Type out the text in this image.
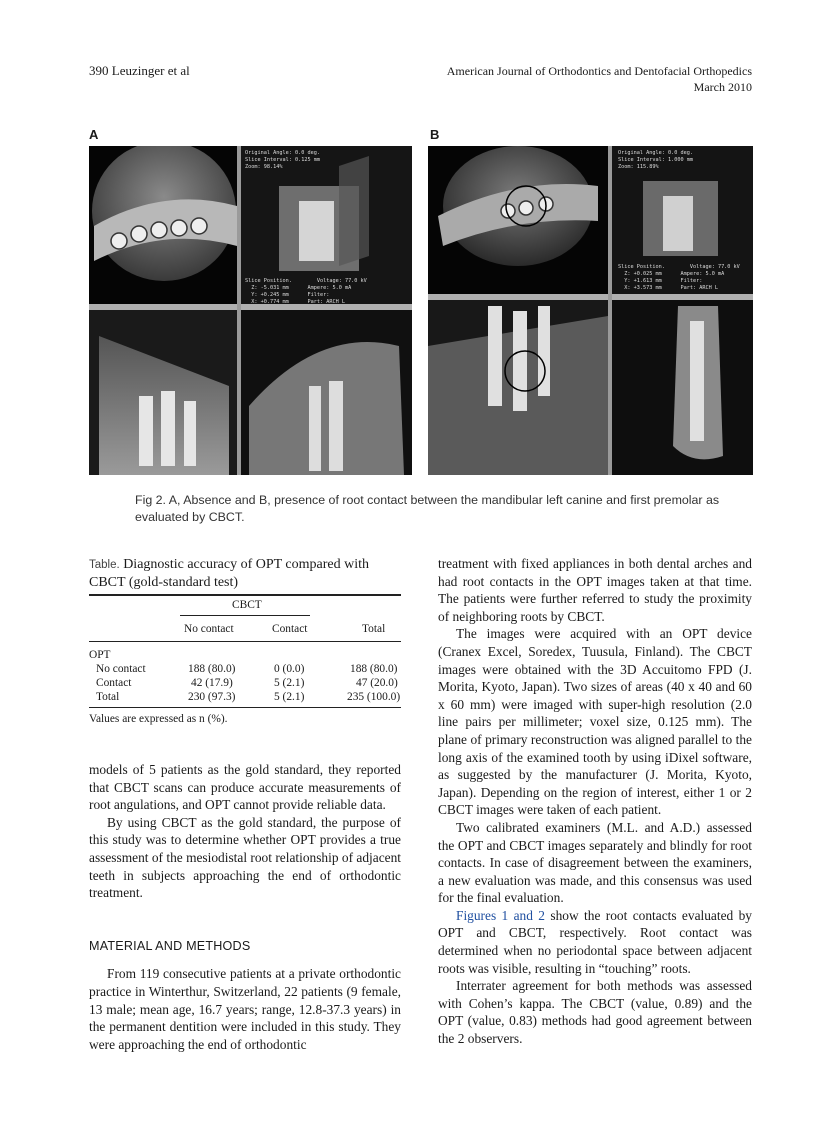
390 Leuzinger et al	American Journal of Orthodontics and Dentofacial Orthopedics
March 2010
A	B
Original Angle: 0.0 deg.
Slice Interval: 0.125 mm
Zoom: 98.14%
Slice Position.        Voltage: 77.0 kV
Z: -5.031 mm      Ampere: 5.0 mA
Y: +0.245 mm      Filter:
X: +0.774 mm      Part: ARCH L
Original Angle: 0.0 deg.
Slice Interval: 1.000 mm
Zoom: 115.89%
Slice Position.        Voltage: 77.0 kV
Z: +0.025 mm      Ampere: 5.0 mA
Y: +1.613 mm      Filter:
X: +3.573 mm      Part: ARCH L
Fig 2. A, Absence and B, presence of root contact between the mandibular left canine and first premolar as evaluated by CBCT.
Table. Diagnostic accuracy of OPT compared with CBCT (gold-standard test)
CBCT
No contact	Contact	Total
OPT
No contact	188 (80.0)	0 (0.0)	188 (80.0)
Contact	42 (17.9)	5 (2.1)	47 (20.0)
Total	230 (97.3)	5 (2.1)	235 (100.0)
Values are expressed as n (%).

models of 5 patients as the gold standard, they reported that CBCT scans can produce accurate measurements of root angulations, and OPT cannot provide reliable data.

By using CBCT as the gold standard, the purpose of this study was to determine whether OPT provides a true assessment of the mesiodistal root relationship of adjacent teeth in subjects approaching the end of orthodontic treatment.

MATERIAL AND METHODS

From 119 consecutive patients at a private orthodontic practice in Winterthur, Switzerland, 22 patients (9 female, 13 male; mean age, 16.7 years; range, 12.8-37.3 years) in the permanent dentition were included in this study. They were approaching the end of orthodontic

treatment with fixed appliances in both dental arches and had root contacts in the OPT images taken at that time. The patients were further referred to study the proximity of neighboring roots by CBCT.

The images were acquired with an OPT device (Cranex Excel, Soredex, Tuusula, Finland). The CBCT images were obtained with the 3D Accuitomo FPD (J. Morita, Kyoto, Japan). Two sizes of areas (40 x 40 and 60 x 60 mm) were imaged with super-high resolution (2.0 line pairs per millimeter; voxel size, 0.125 mm). The plane of primary reconstruction was aligned parallel to the long axis of the examined tooth by using iDixel software, as suggested by the manufacturer (J. Morita, Kyoto, Japan). Depending on the region of interest, either 1 or 2 CBCT images were taken of each patient.

Two calibrated examiners (M.L. and A.D.) assessed the OPT and CBCT images separately and blindly for root contacts. In case of disagreement between the examiners, a new evaluation was made, and this consensus was used for the final evaluation.

Figures 1 and 2 show the root contacts evaluated by OPT and CBCT, respectively. Root contact was determined when no periodontal space between adjacent roots was visible, resulting in “touching” roots.

Interrater agreement for both methods was assessed with Cohen’s kappa. The CBCT (value, 0.89) and the OPT (value, 0.83) methods had good agreement between the 2 observers.
